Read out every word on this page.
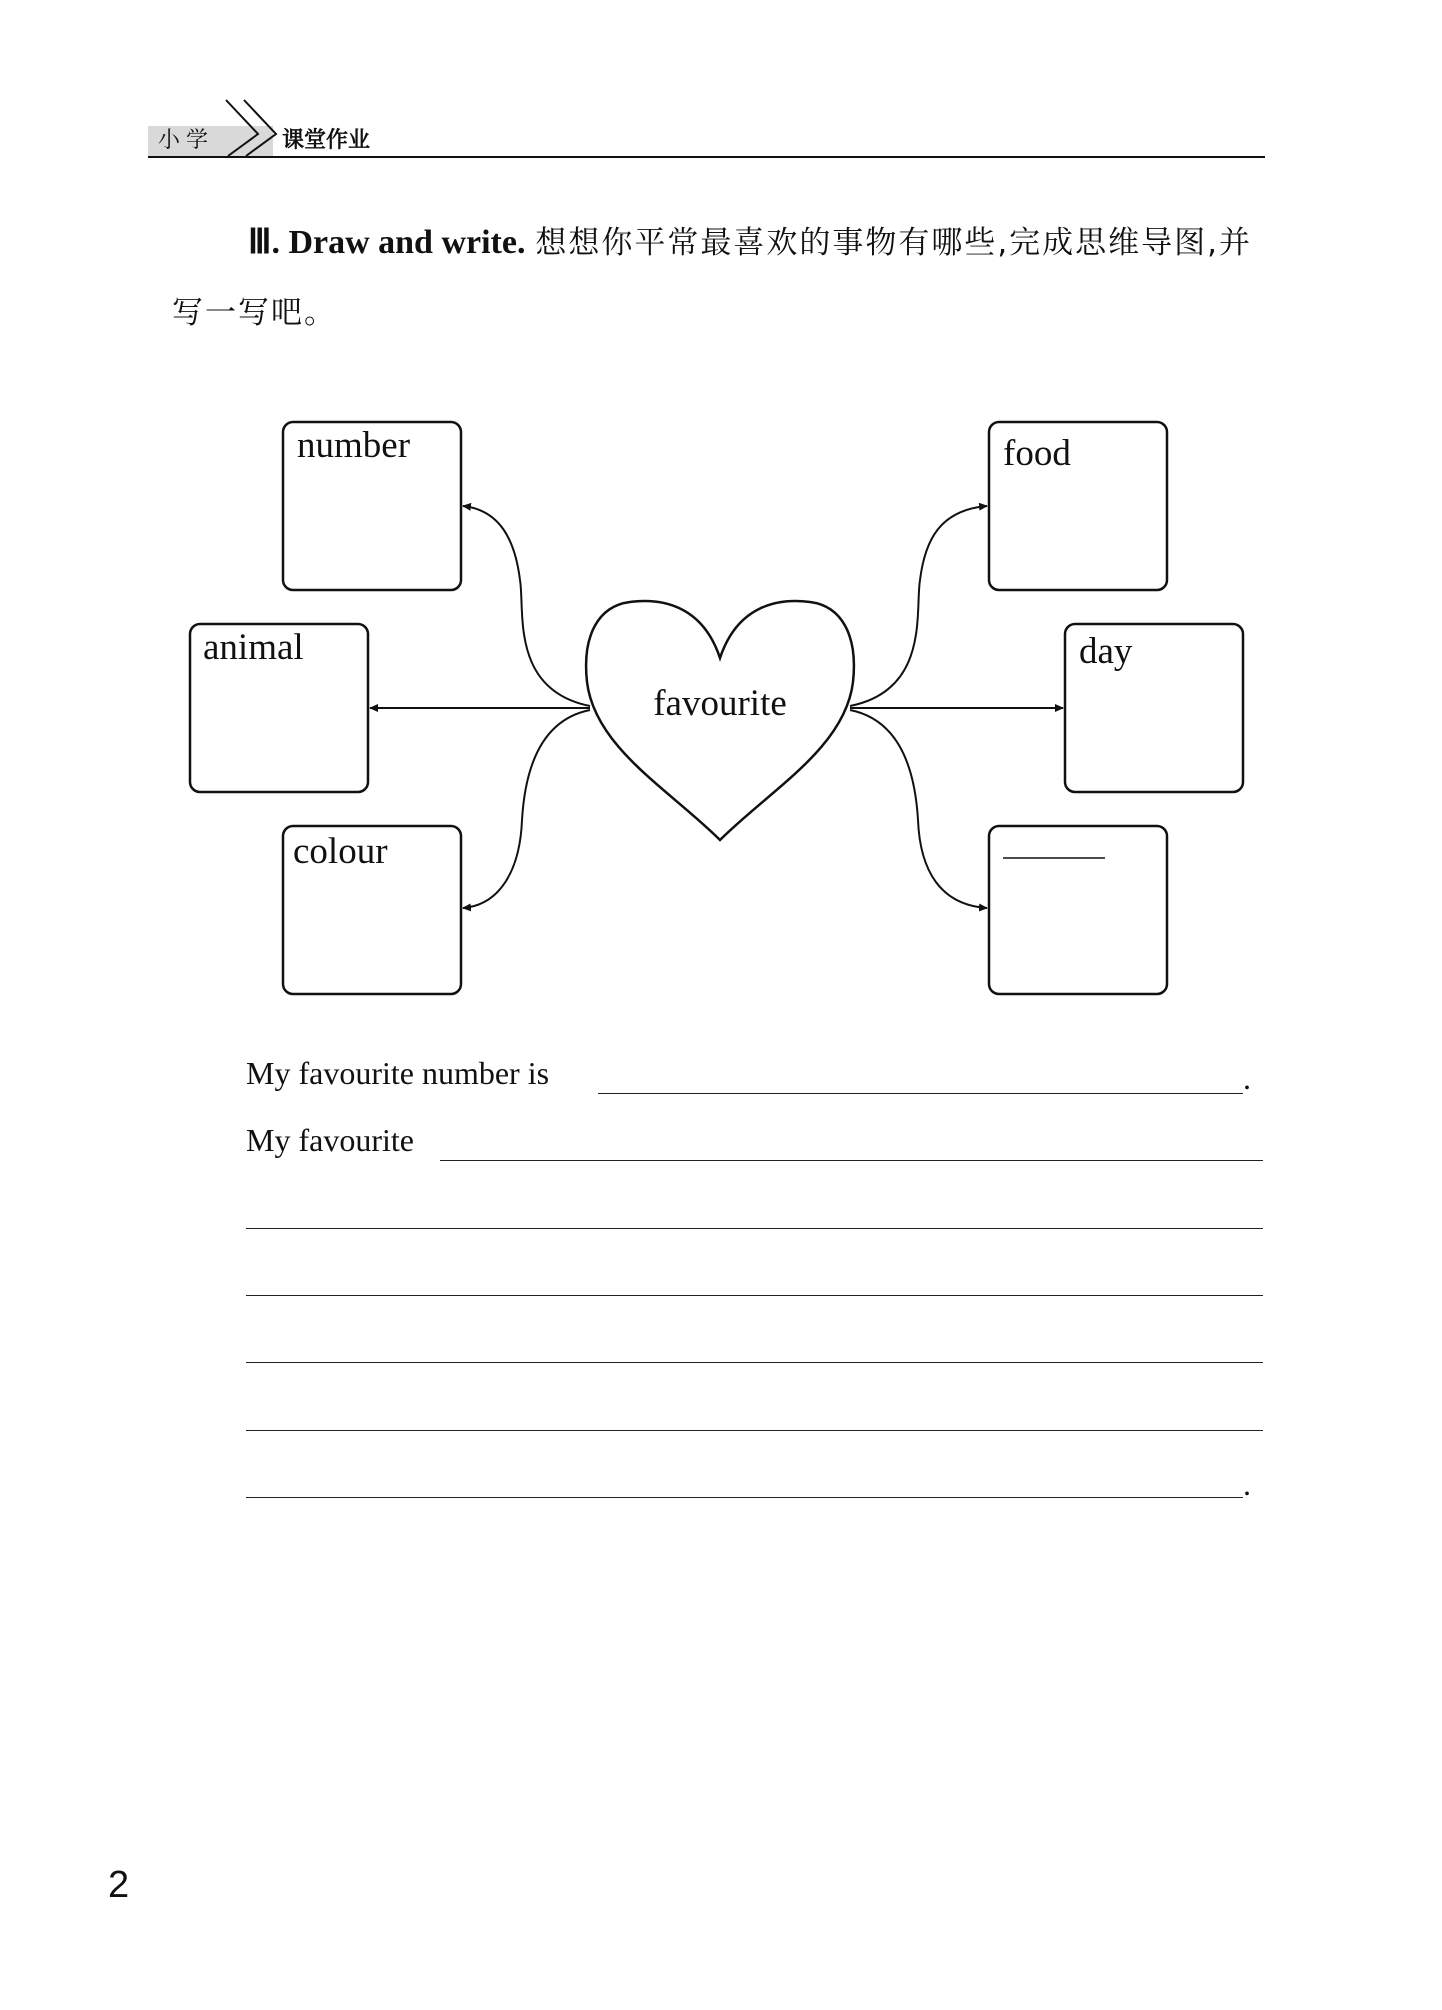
小学	课堂作业
Ⅲ. Draw and write. 想想你平常最喜欢的事物有哪些,完成思维导图,并写一写吧。
number
animal
colour
food
day
favourite
My favourite number is	.
My favourite
.
2
